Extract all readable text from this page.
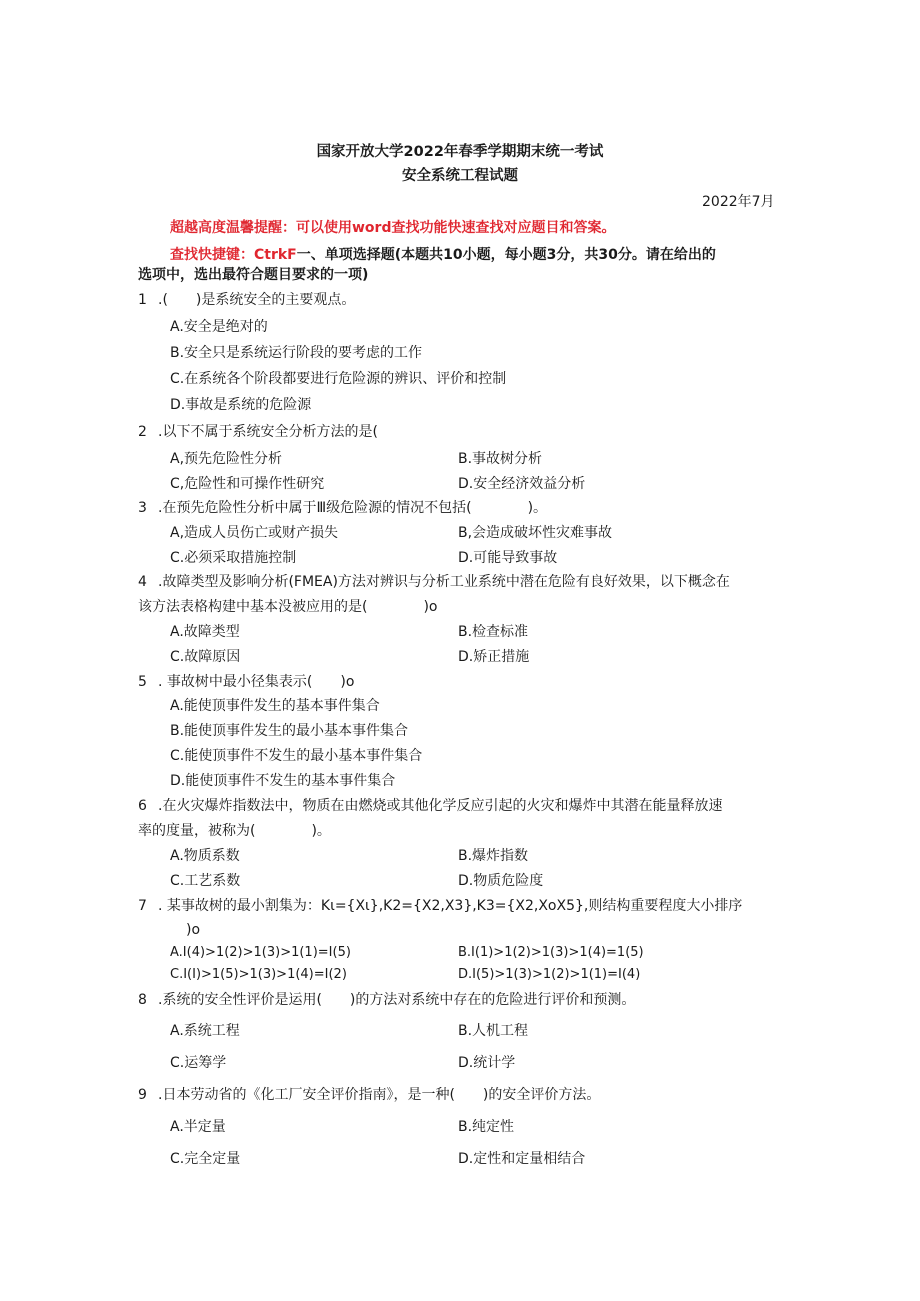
国家开放大学2022年春季学期期末统一考试
安全系统工程试题
2022年7月
超越高度温馨提醒：可以使用word查找功能快速查找对应题目和答案。
查找快捷键：CtrkF一、单项选择题(本题共10小题，每小题3分，共30分。请在给出的
选项中，选出最符合题目要求的一项)
1 .(　　)是系统安全的主要观点。
A.安全是绝对的
B.安全只是系统运行阶段的要考虑的工作
C.在系统各个阶段都要进行危险源的辨识、评价和控制
D.事故是系统的危险源
2 .以下不属于系统安全分析方法的是(
A,预先危险性分析	B.事故树分析
C,危险性和可操作性研究	D.安全经济效益分析
3 .在预先危险性分析中属于Ⅲ级危险源的情况不包括(　　　　)。
A,造成人员伤亡或财产损失	B,会造成破坏性灾难事故
C.必须采取措施控制	D.可能导致事故
4 .故障类型及影响分析(FMEA)方法对辨识与分析工业系统中潜在危险有良好效果，以下概念在
该方法表格构建中基本没被应用的是(　　　　)o
A.故障类型	B.检查标准
C.故障原因	D.矫正措施
5 . 事故树中最小径集表示(　　)o
A.能使顶事件发生的基本事件集合
B.能使顶事件发生的最小基本事件集合
C.能使顶事件不发生的最小基本事件集合
D.能使顶事件不发生的基本事件集合
6 .在火灾爆炸指数法中，物质在由燃烧或其他化学反应引起的火灾和爆炸中其潜在能量释放速
率的度量，被称为(　　　　)。
A.物质系数	B.爆炸指数
C.工艺系数	D.物质危险度
7 . 某事故树的最小割集为：Kι={Xι},K2={X2,X3},K3={X2,XoX5},则结构重要程度大小排序
)o
A.I(4)>1(2)>1(3)>1(1)=I(5)	B.I(1)>1(2)>1(3)>1(4)=1(5)
C.I(I)>1(5)>1(3)>1(4)=I(2)	D.I(5)>1(3)>1(2)>1(1)=I(4)
8 .系统的安全性评价是运用(　　)的方法对系统中存在的危险进行评价和预测。
A.系统工程	B.人机工程
C.运筹学	D.统计学
9 .日本劳动省的《化工厂安全评价指南》，是一种(　　)的安全评价方法。
A.半定量	B.纯定性
C.完全定量	D.定性和定量相结合
